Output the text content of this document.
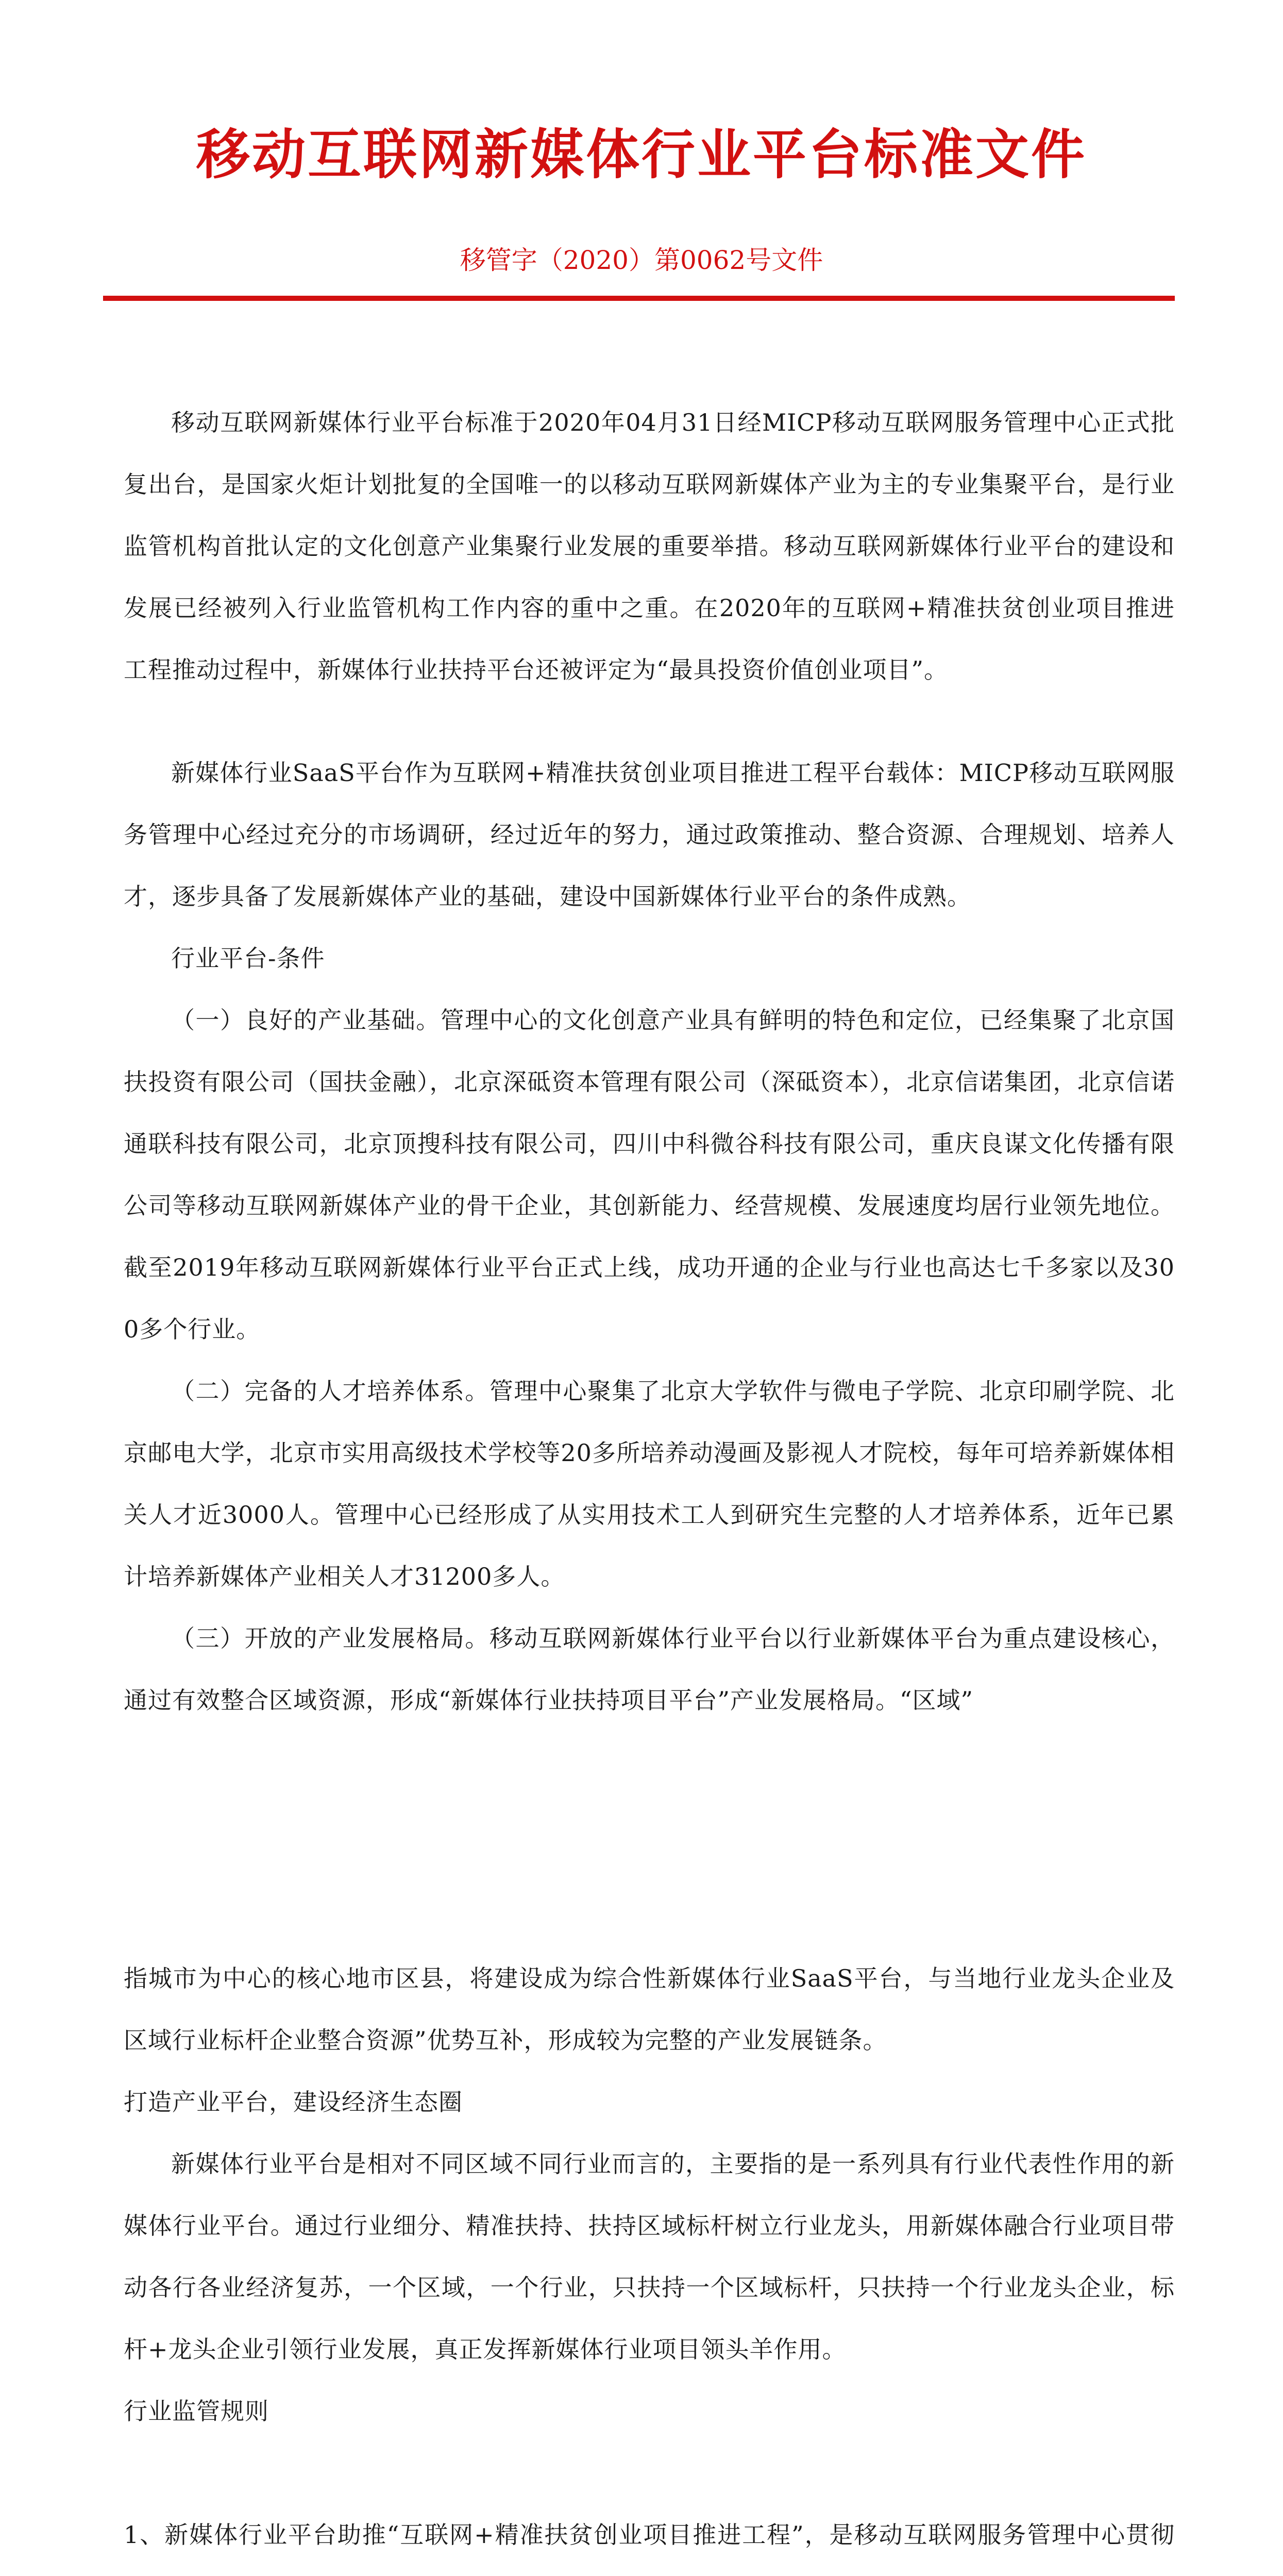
移动互联网新媒体行业平台标准文件
移管字（2020）第0062号文件

移动互联网新媒体行业平台标准于2020年04月31日经MICP移动互联网服务管理中心正式批复出台，是国家火炬计划批复的全国唯一的以移动互联网新媒体产业为主的专业集聚平台，是行业监管机构首批认定的文化创意产业集聚行业发展的重要举措。移动互联网新媒体行业平台的建设和发展已经被列入行业监管机构工作内容的重中之重。在2020年的互联网+精准扶贫创业项目推进工程推动过程中，新媒体行业扶持平台还被评定为“最具投资价值创业项目”。

新媒体行业SaaS平台作为互联网+精准扶贫创业项目推进工程平台载体：MICP移动互联网服务管理中心经过充分的市场调研，经过近年的努力，通过政策推动、整合资源、合理规划、培养人才，逐步具备了发展新媒体产业的基础，建设中国新媒体行业平台的条件成熟。

行业平台-条件

（一）良好的产业基础。管理中心的文化创意产业具有鲜明的特色和定位，已经集聚了北京国扶投资有限公司（国扶金融），北京深砥资本管理有限公司（深砥资本），北京信诺集团，北京信诺通联科技有限公司，北京顶搜科技有限公司，四川中科微谷科技有限公司，重庆良谋文化传播有限公司等移动互联网新媒体产业的骨干企业，其创新能力、经营规模、发展速度均居行业领先地位。截至2019年移动互联网新媒体行业平台正式上线，成功开通的企业与行业也高达七千多家以及300多个行业。

（二）完备的人才培养体系。管理中心聚集了北京大学软件与微电子学院、北京印刷学院、北京邮电大学，北京市实用高级技术学校等20多所培养动漫画及影视人才院校，每年可培养新媒体相关人才近3000人。管理中心已经形成了从实用技术工人到研究生完整的人才培养体系，近年已累计培养新媒体产业相关人才31200多人。

（三）开放的产业发展格局。移动互联网新媒体行业平台以行业新媒体平台为重点建设核心，通过有效整合区域资源，形成“新媒体行业扶持项目平台”产业发展格局。“区域”

指城市为中心的核心地市区县，将建设成为综合性新媒体行业SaaS平台，与当地行业龙头企业及区域行业标杆企业整合资源”优势互补，形成较为完整的产业发展链条。

打造产业平台，建设经济生态圈

新媒体行业平台是相对不同区域不同行业而言的，主要指的是一系列具有行业代表性作用的新媒体行业平台。通过行业细分、精准扶持、扶持区域标杆树立行业龙头，用新媒体融合行业项目带动各行各业经济复苏，一个区域，一个行业，只扶持一个区域标杆，只扶持一个行业龙头企业，标杆+龙头企业引领行业发展，真正发挥新媒体行业项目领头羊作用。

行业监管规则

1、新媒体行业平台助推“互联网+精准扶贫创业项目推进工程”，是移动互联网服务管理中心贯彻
